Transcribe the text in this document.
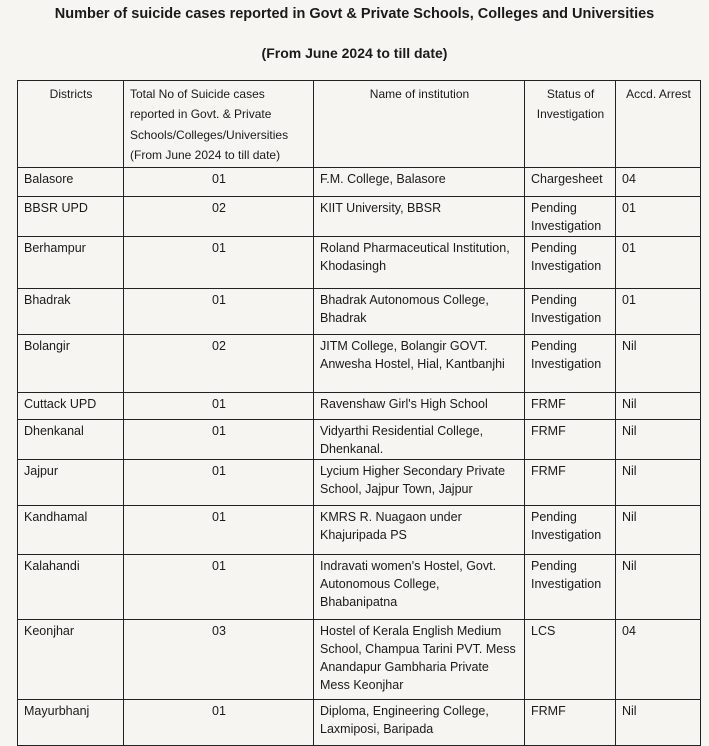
Number of suicide cases reported in Govt & Private Schools, Colleges and Universities
(From June 2024 to till date)
Districts	Total No of Suicide cases reported in Govt. & Private Schools/Colleges/Universities (From June 2024 to till date)	Name of institution	Status of Investigation	Accd. Arrest
Balasore	01	F.M. College, Balasore	Chargesheet	04
BBSR UPD	02	KIIT University, BBSR	Pending Investigation	01
Berhampur	01	Roland Pharmaceutical Institution, Khodasingh	Pending Investigation	01
Bhadrak	01	Bhadrak Autonomous College, Bhadrak	Pending Investigation	01
Bolangir	02	JITM College, Bolangir GOVT. Anwesha Hostel, Hial, Kantbanjhi	Pending Investigation	Nil
Cuttack UPD	01	Ravenshaw Girl's High School	FRMF	Nil
Dhenkanal	01	Vidyarthi Residential College, Dhenkanal.	FRMF	Nil
Jajpur	01	Lycium Higher Secondary Private School, Jajpur Town, Jajpur	FRMF	Nil
Kandhamal	01	KMRS R. Nuagaon under Khajuripada PS	Pending Investigation	Nil
Kalahandi	01	Indravati women's Hostel, Govt. Autonomous College, Bhabanipatna	Pending Investigation	Nil
Keonjhar	03	Hostel of Kerala English Medium School, Champua Tarini PVT. Mess Anandapur Gambharia Private Mess Keonjhar	LCS	04
Mayurbhanj	01	Diploma, Engineering College, Laxmiposi, Baripada	FRMF	Nil
